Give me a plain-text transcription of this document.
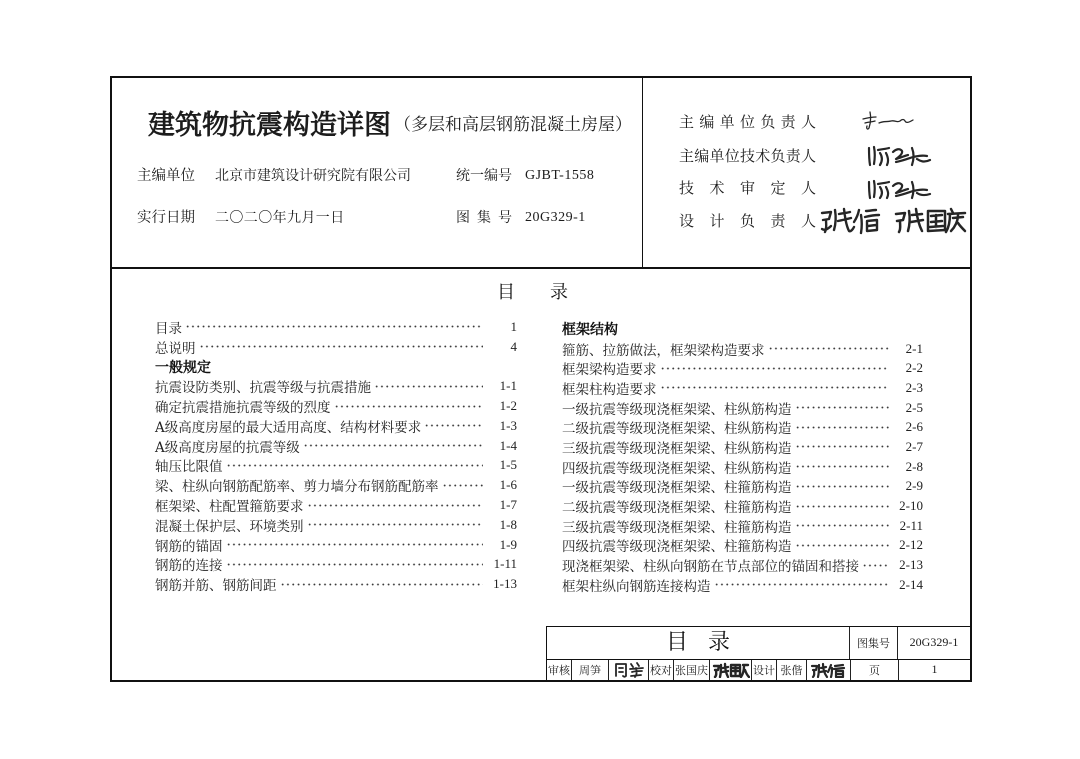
建筑物抗震构造详图 （多层和高层钢筋混凝土房屋）
主编单位 北京市建筑设计研究院有限公司	统一编号 GJBT-1558
实行日期 二〇二〇年九月一日	图 集 号 20G329-1
主 编 单 位 负 责 人
主编单位技术负责人
技 术 审 定 人
设 计 负 责 人
目 录
目录	1
总说明	4
一般规定
抗震设防类别、抗震等级与抗震措施	1-1
确定抗震措施抗震等级的烈度	1-2
A级高度房屋的最大适用高度、结构材料要求	1-3
A级高度房屋的抗震等级	1-4
轴压比限值	1-5
梁、柱纵向钢筋配筋率、剪力墙分布钢筋配筋率	1-6
框架梁、柱配置箍筋要求	1-7
混凝土保护层、环境类别	1-8
钢筋的锚固	1-9
钢筋的连接	1-11
钢筋并筋、钢筋间距	1-13
框架结构
箍筋、拉筋做法，框架梁构造要求	2-1
框架梁构造要求	2-2
框架柱构造要求	2-3
一级抗震等级现浇框架梁、柱纵筋构造	2-5
二级抗震等级现浇框架梁、柱纵筋构造	2-6
三级抗震等级现浇框架梁、柱纵筋构造	2-7
四级抗震等级现浇框架梁、柱纵筋构造	2-8
一级抗震等级现浇框架梁、柱箍筋构造	2-9
二级抗震等级现浇框架梁、柱箍筋构造	2-10
三级抗震等级现浇框架梁、柱箍筋构造	2-11
四级抗震等级现浇框架梁、柱箍筋构造	2-12
现浇框架梁、柱纵向钢筋在节点部位的锚固和搭接	2-13
框架柱纵向钢筋连接构造	2-14
目 录	图集号	20G329-1
审核 周笋	校对 张国庆	设计 张偕	页	1
